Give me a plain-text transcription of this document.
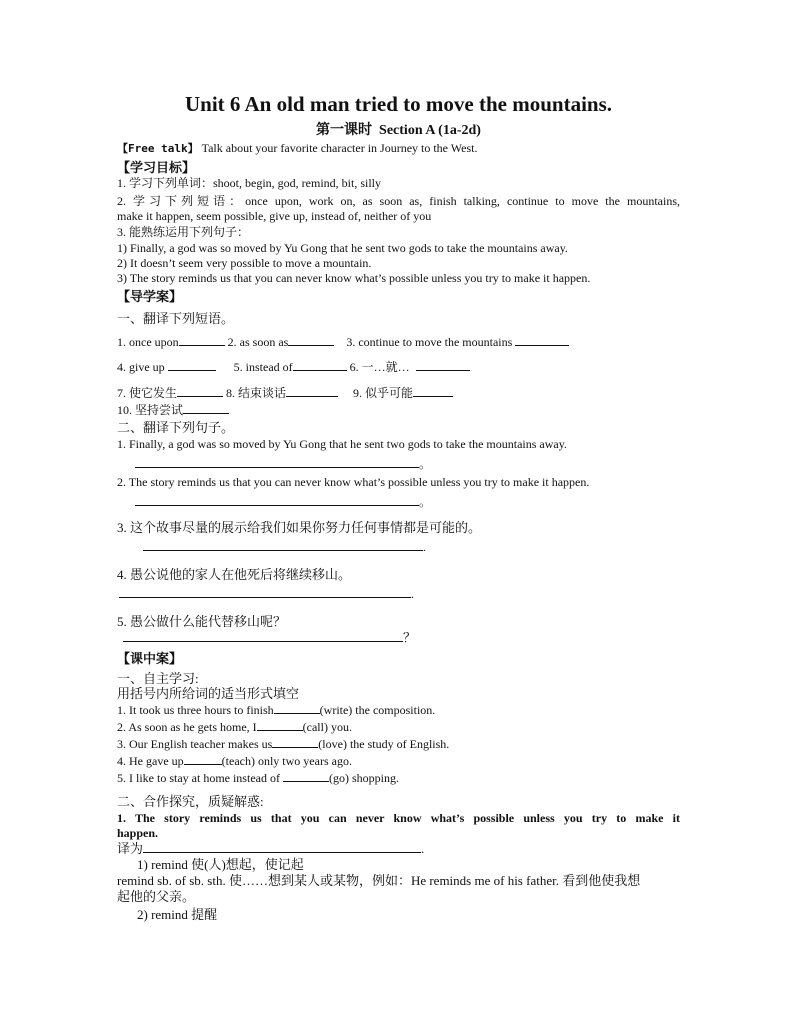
Unit 6 An old man tried to move the mountains.
第一课时 Section A (1a-2d)
【Free talk】 Talk about your favorite character in Journey to the West.
【学习目标】
1. 学习下列单词：shoot, begin, god, remind, bit, silly
2. 学习下列短语：once upon, work on, as soon as, finish talking, continue to move the mountains,
make it happen, seem possible, give up, instead of, neither of you
3. 能熟练运用下列句子：
1) Finally, a god was so moved by Yu Gong that he sent two gods to take the mountains away.
2) It doesn’t seem very possible to move a mountain.
3) The story reminds us that you can never know what’s possible unless you try to make it happen.
【导学案】
一、翻译下列短语。
1. once upon	2. as soon as	3. continue to move the mountains
4. give up	5. instead of	6. 一…就…
7. 使它发生	8. 结束谈话	9. 似乎可能
10. 坚持尝试
二、翻译下列句子。
1. Finally, a god was so moved by Yu Gong that he sent two gods to take the mountains away.
。
2. The story reminds us that you can never know what’s possible unless you try to make it happen.
。
3. 这个故事尽量的展示给我们如果你努力任何事情都是可能的。
.
4. 愚公说他的家人在他死后将继续移山。
.
5. 愚公做什么能代替移山呢？
？
【课中案】
一、自主学习:
用括号内所给词的适当形式填空
1. It took us three hours to finish	(write) the composition.
2. As soon as he gets home, I	(call) you.
3. Our English teacher makes us	(love) the study of English.
4. He gave up	(teach) only two years ago.
5. I like to stay at home instead of	(go) shopping.
二、合作探究，质疑解惑:
1. The story reminds us that you can never know what’s possible unless you try to make it
happen.
译为	.
1) remind 使(人)想起，使记起
remind sb. of sb. sth. 使……想到某人或某物，例如：He reminds me of his father. 看到他使我想
起他的父亲。
2) remind 提醒
